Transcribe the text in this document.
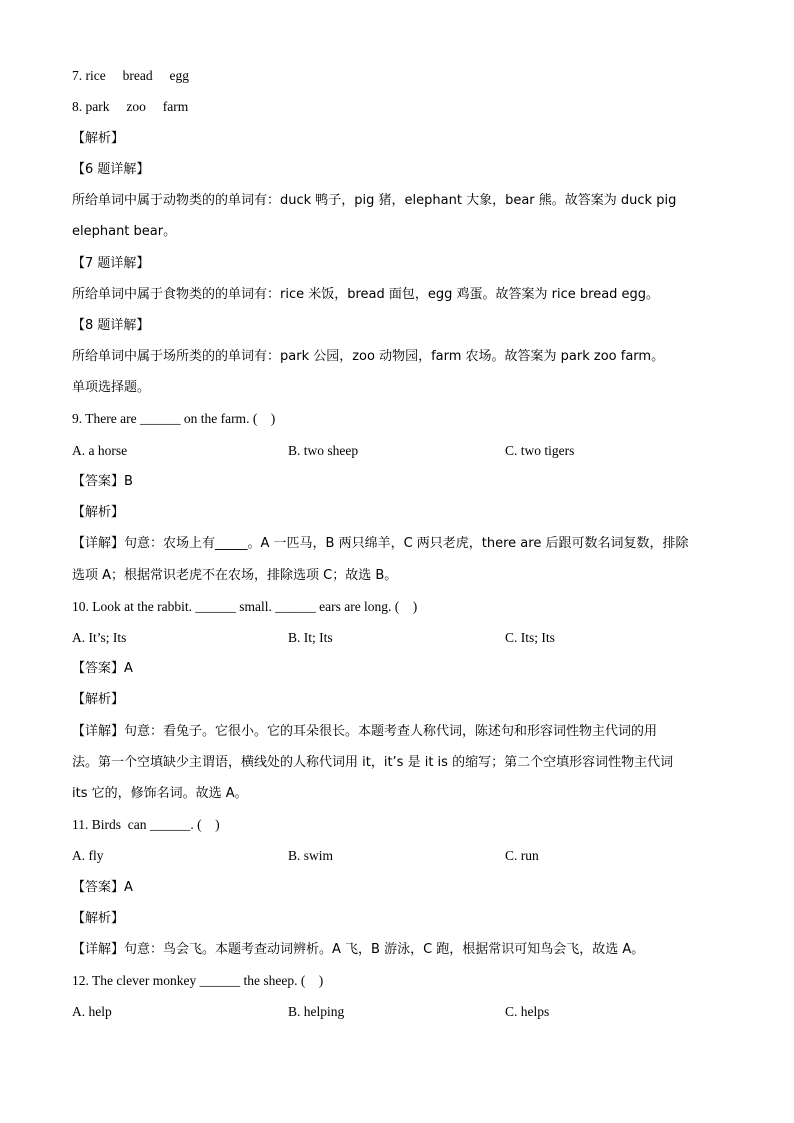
7. rice     bread     egg
8. park     zoo     farm
【解析】
【6 题详解】
所给单词中属于动物类的的单词有：duck 鸭子，pig 猪，elephant 大象，bear 熊。故答案为 duck pig
elephant bear。
【7 题详解】
所给单词中属于食物类的的单词有：rice 米饭，bread 面包，egg 鸡蛋。故答案为 rice bread egg。
【8 题详解】
所给单词中属于场所类的的单词有：park 公园，zoo 动物园，farm 农场。故答案为 park zoo farm。
单项选择题。
9. There are ______ on the farm. (    )
A. a horse	B. two sheep	C. two tigers
【答案】B
【解析】
【详解】句意：农场上有_____。A 一匹马，B 两只绵羊，C 两只老虎，there are 后跟可数名词复数，排除
选项 A；根据常识老虎不在农场，排除选项 C；故选 B。
10. Look at the rabbit. ______ small. ______ ears are long. (    )
A. It’s; Its	B. It; Its	C. Its; Its
【答案】A
【解析】
【详解】句意：看兔子。它很小。它的耳朵很长。本题考查人称代词，陈述句和形容词性物主代词的用
法。第一个空填缺少主谓语，横线处的人称代词用 it，it’s 是 it is 的缩写；第二个空填形容词性物主代词
its 它的，修饰名词。故选 A。
11. Birds  can ______. (    )
A. fly	B. swim	C. run
【答案】A
【解析】
【详解】句意：鸟会飞。本题考查动词辨析。A 飞，B 游泳，C 跑，根据常识可知鸟会飞，故选 A。
12. The clever monkey ______ the sheep. (    )
A. help	B. helping	C. helps
